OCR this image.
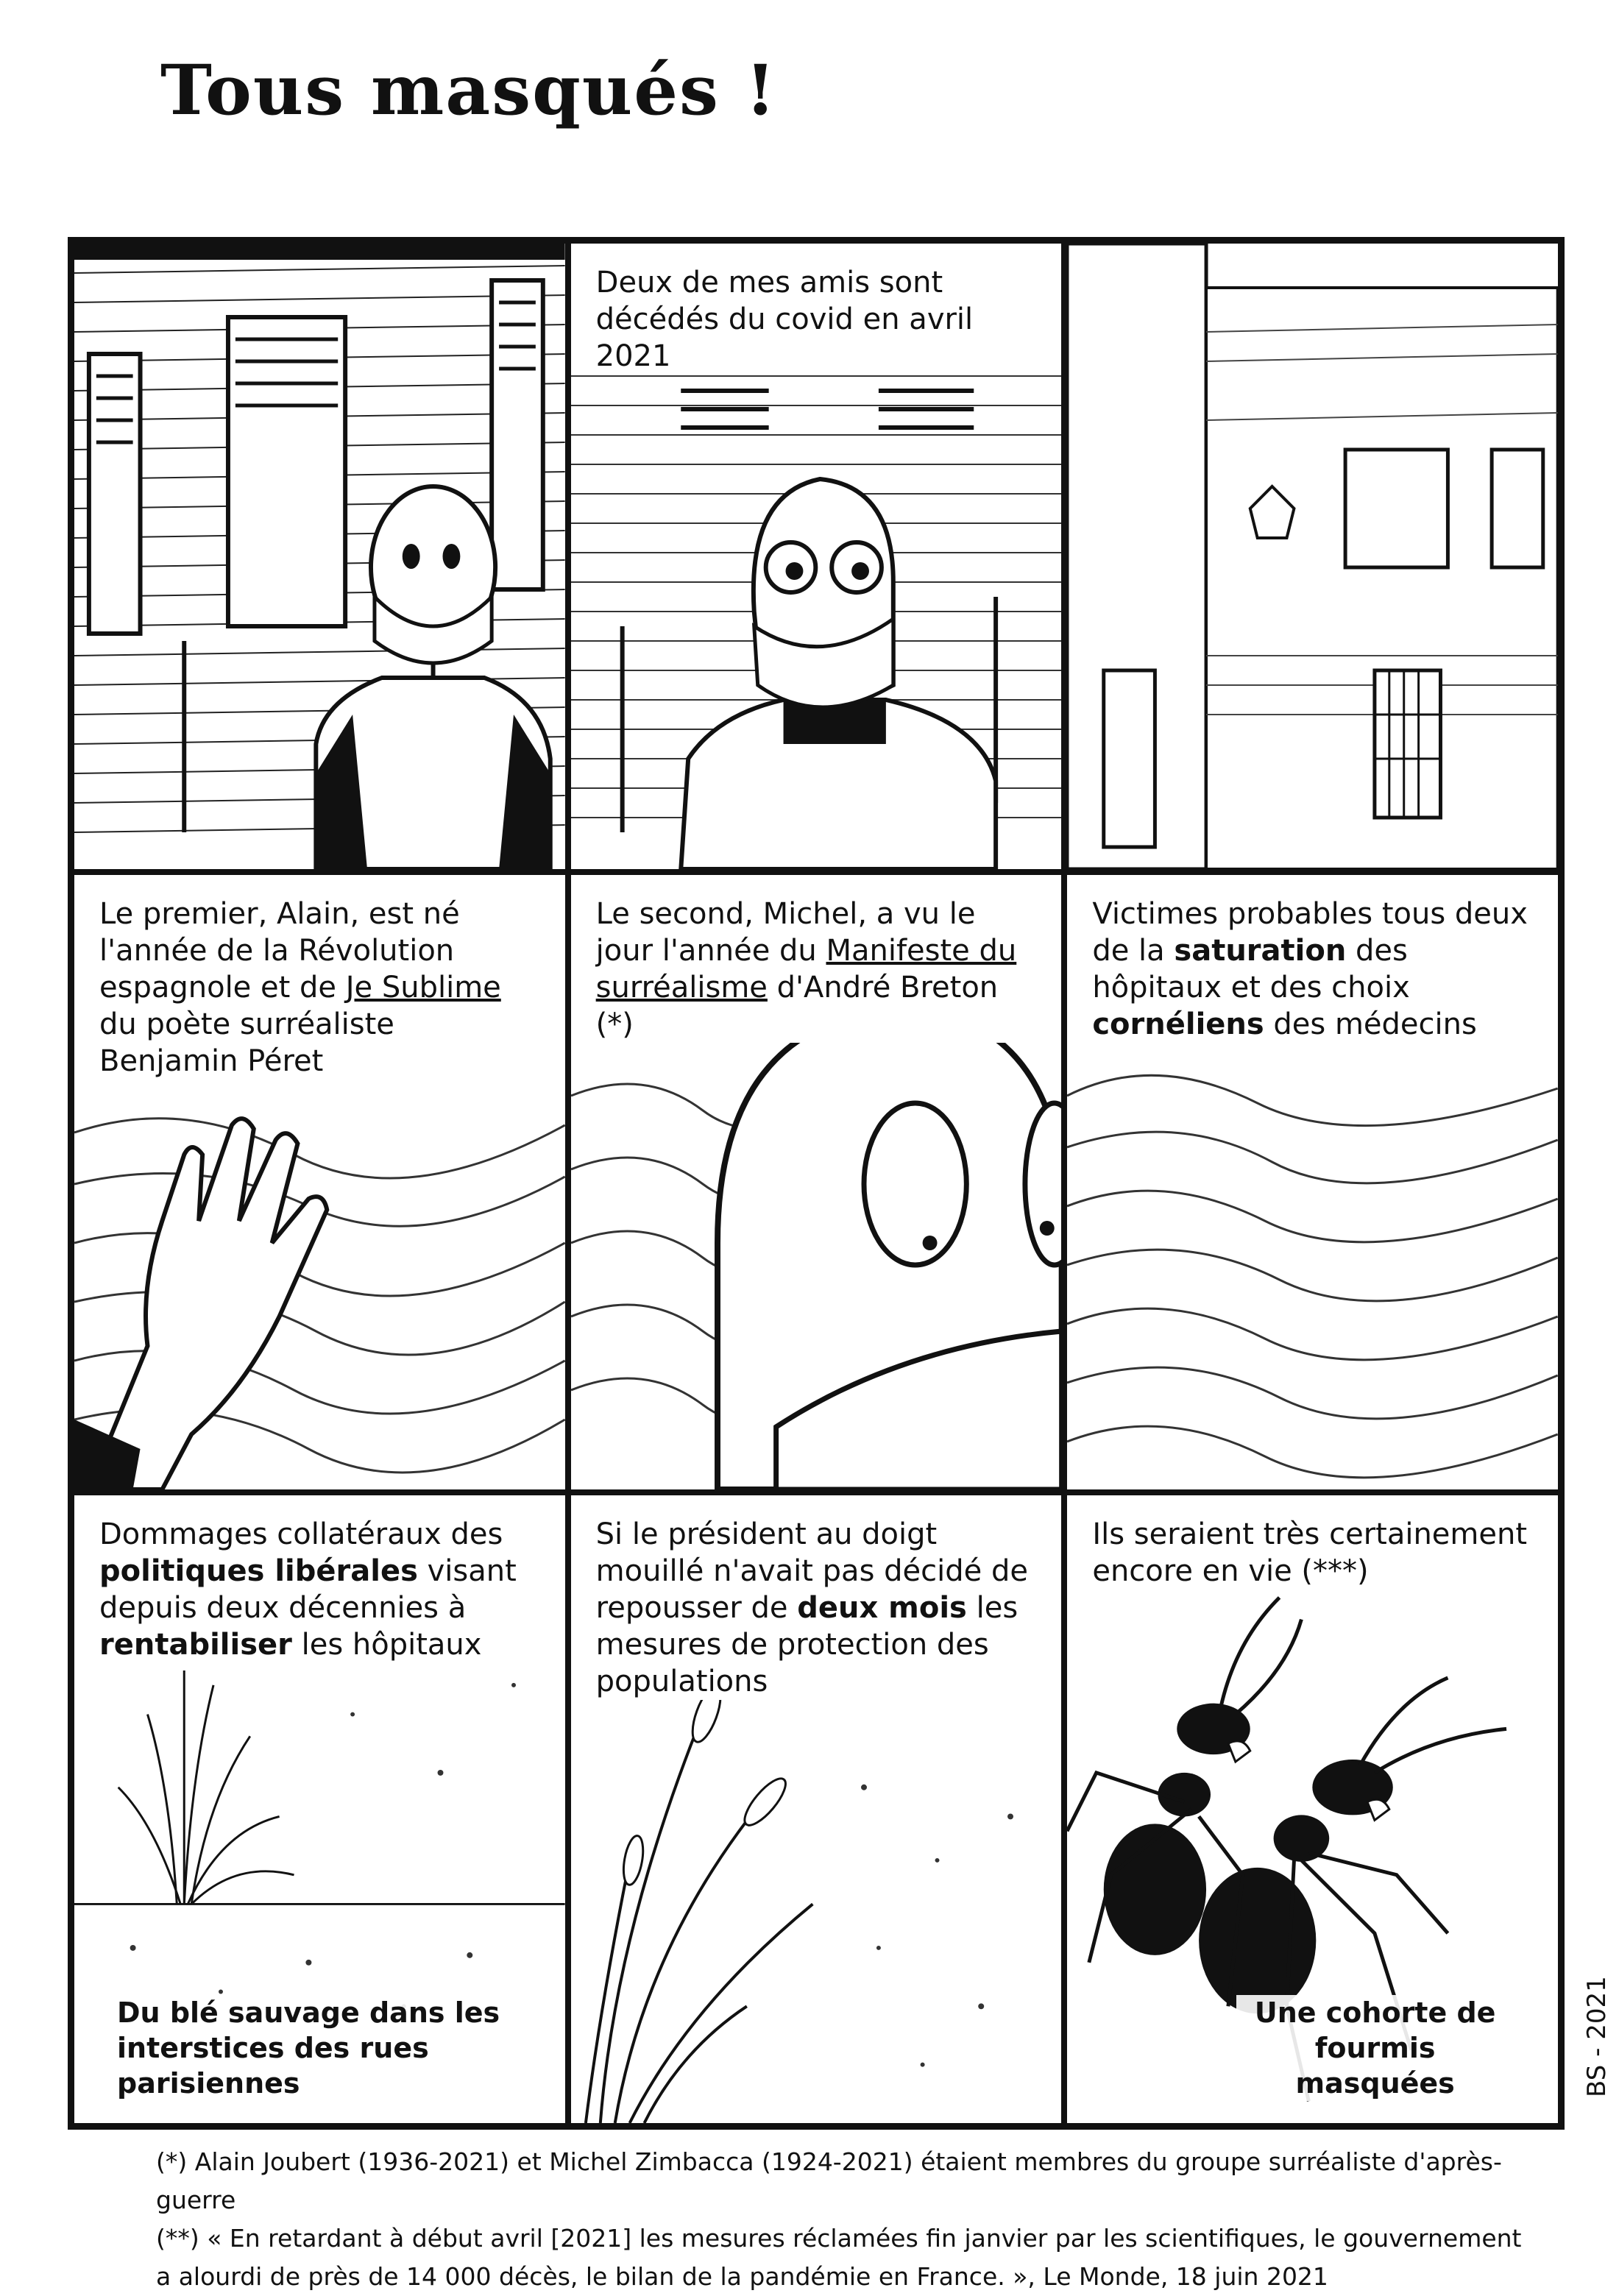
Tous masqués !
Deux de mes amis sont décédés du covid en avril 2021
Le premier, Alain, est né l'année de la Révolution espagnole et de Je Sublime du poète surréaliste Benjamin Péret
Le second, Michel, a vu le jour l'année du Manifeste du surréalisme d'André Breton (*)
Victimes probables tous deux de la saturation des hôpitaux et des choix cornéliens des médecins
Dommages collatéraux des politiques libérales visant depuis deux décennies à rentabiliser les hôpitaux
Du blé sauvage dans les interstices des rues parisiennes
Si le président au doigt mouillé n'avait pas décidé de repousser de deux mois les mesures de protection des populations
Ils seraient très certainement encore en vie (***)
Une cohorte de fourmis masquées	BS - 2021

(*) Alain Joubert (1936-2021) et Michel Zimbacca (1924-2021) étaient membres du groupe surréaliste d'après-guerre

(**) « En retardant à début avril [2021] les mesures réclamées fin janvier par les scientifiques, le gouvernement a alourdi de près de 14 000 décès, le bilan de la pandémie en France. », Le Monde, 18 juin 2021
